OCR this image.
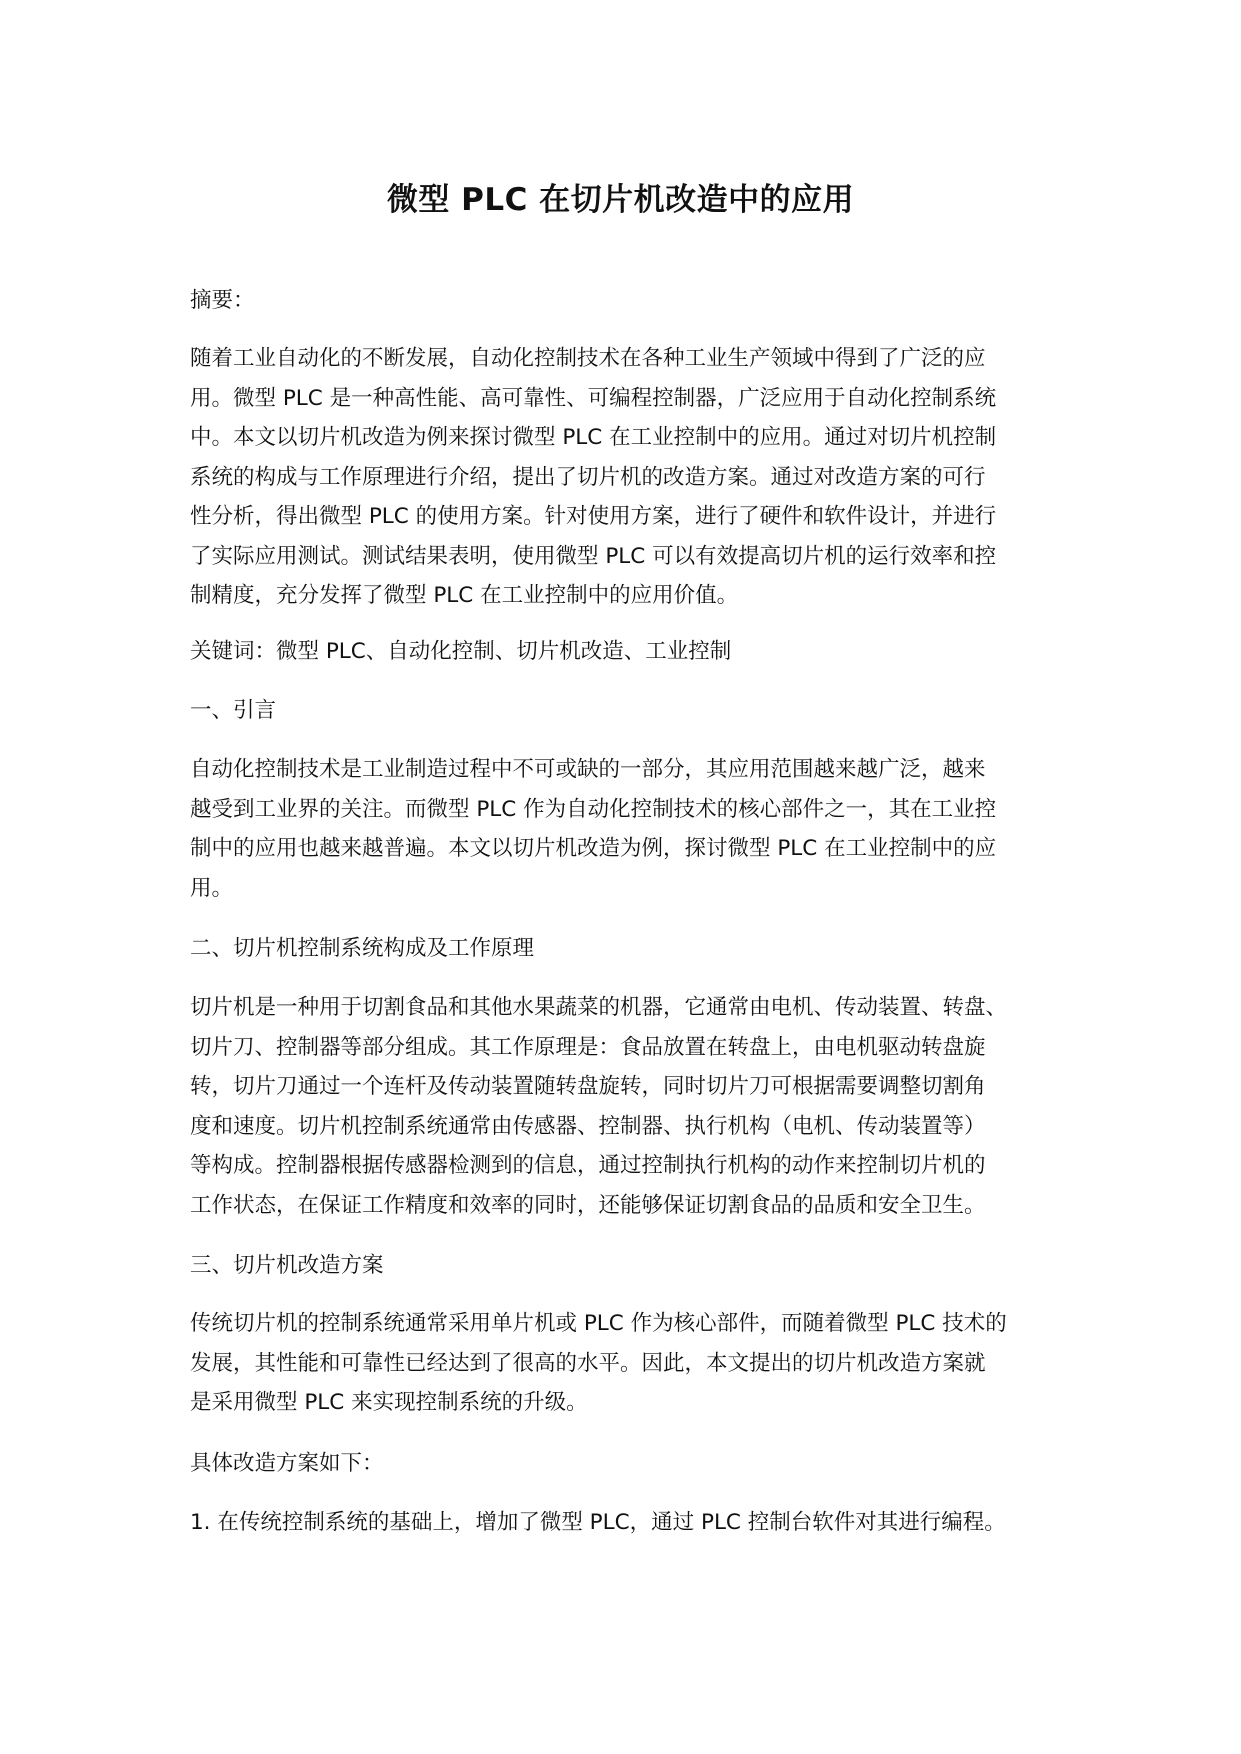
微型 PLC 在切片机改造中的应用

摘要：

随着工业自动化的不断发展，自动化控制技术在各种工业生产领域中得到了广泛的应
用。微型 PLC 是一种高性能、高可靠性、可编程控制器，广泛应用于自动化控制系统
中。本文以切片机改造为例来探讨微型 PLC 在工业控制中的应用。通过对切片机控制
系统的构成与工作原理进行介绍，提出了切片机的改造方案。通过对改造方案的可行
性分析，得出微型 PLC 的使用方案。针对使用方案，进行了硬件和软件设计，并进行
了实际应用测试。测试结果表明，使用微型 PLC 可以有效提高切片机的运行效率和控
制精度，充分发挥了微型 PLC 在工业控制中的应用价值。

关键词：微型 PLC、自动化控制、切片机改造、工业控制

一、引言

自动化控制技术是工业制造过程中不可或缺的一部分，其应用范围越来越广泛，越来
越受到工业界的关注。而微型 PLC 作为自动化控制技术的核心部件之一，其在工业控
制中的应用也越来越普遍。本文以切片机改造为例，探讨微型 PLC 在工业控制中的应
用。

二、切片机控制系统构成及工作原理

切片机是一种用于切割食品和其他水果蔬菜的机器，它通常由电机、传动装置、转盘、
切片刀、控制器等部分组成。其工作原理是：食品放置在转盘上，由电机驱动转盘旋
转，切片刀通过一个连杆及传动装置随转盘旋转，同时切片刀可根据需要调整切割角
度和速度。切片机控制系统通常由传感器、控制器、执行机构（电机、传动装置等）
等构成。控制器根据传感器检测到的信息，通过控制执行机构的动作来控制切片机的
工作状态，在保证工作精度和效率的同时，还能够保证切割食品的品质和安全卫生。

三、切片机改造方案

传统切片机的控制系统通常采用单片机或 PLC 作为核心部件，而随着微型 PLC 技术的
发展，其性能和可靠性已经达到了很高的水平。因此，本文提出的切片机改造方案就
是采用微型 PLC 来实现控制系统的升级。

具体改造方案如下：

1. 在传统控制系统的基础上，增加了微型 PLC，通过 PLC 控制台软件对其进行编程。
